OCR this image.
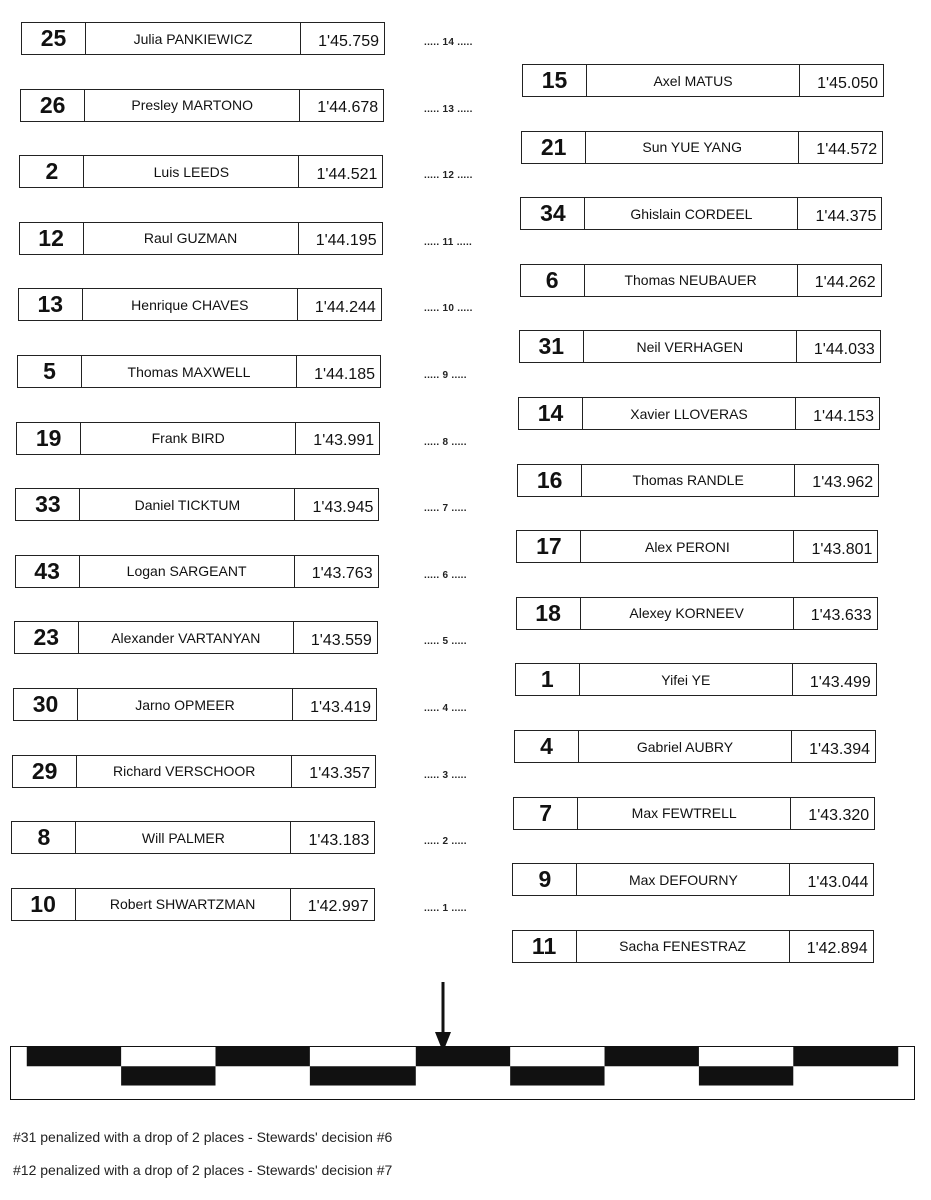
25	Julia PANKIEWICZ	1'45.759	..... 14 .....
26	Presley MARTONO	1'44.678	..... 13 .....
2	Luis LEEDS	1'44.521	..... 12 .....
12	Raul GUZMAN	1'44.195	..... 11 .....
13	Henrique CHAVES	1'44.244	..... 10 .....
5	Thomas MAXWELL	1'44.185	..... 9 .....
19	Frank BIRD	1'43.991	..... 8 .....
33	Daniel TICKTUM	1'43.945	..... 7 .....
43	Logan SARGEANT	1'43.763	..... 6 .....
23	Alexander VARTANYAN	1'43.559	..... 5 .....
30	Jarno OPMEER	1'43.419	..... 4 .....
29	Richard VERSCHOOR	1'43.357	..... 3 .....
8	Will PALMER	1'43.183	..... 2 .....
10	Robert SHWARTZMAN	1'42.997	..... 1 .....
15	Axel MATUS	1'45.050
21	Sun YUE YANG	1'44.572
34	Ghislain CORDEEL	1'44.375
6	Thomas NEUBAUER	1'44.262
31	Neil VERHAGEN	1'44.033
14	Xavier LLOVERAS	1'44.153
16	Thomas RANDLE	1'43.962
17	Alex PERONI	1'43.801
18	Alexey KORNEEV	1'43.633
1	Yifei YE	1'43.499
4	Gabriel AUBRY	1'43.394
7	Max FEWTRELL	1'43.320
9	Max DEFOURNY	1'43.044
11	Sacha FENESTRAZ	1'42.894
#31 penalized with a drop of 2 places - Stewards' decision #6
#12 penalized with a drop of 2 places - Stewards' decision #7
